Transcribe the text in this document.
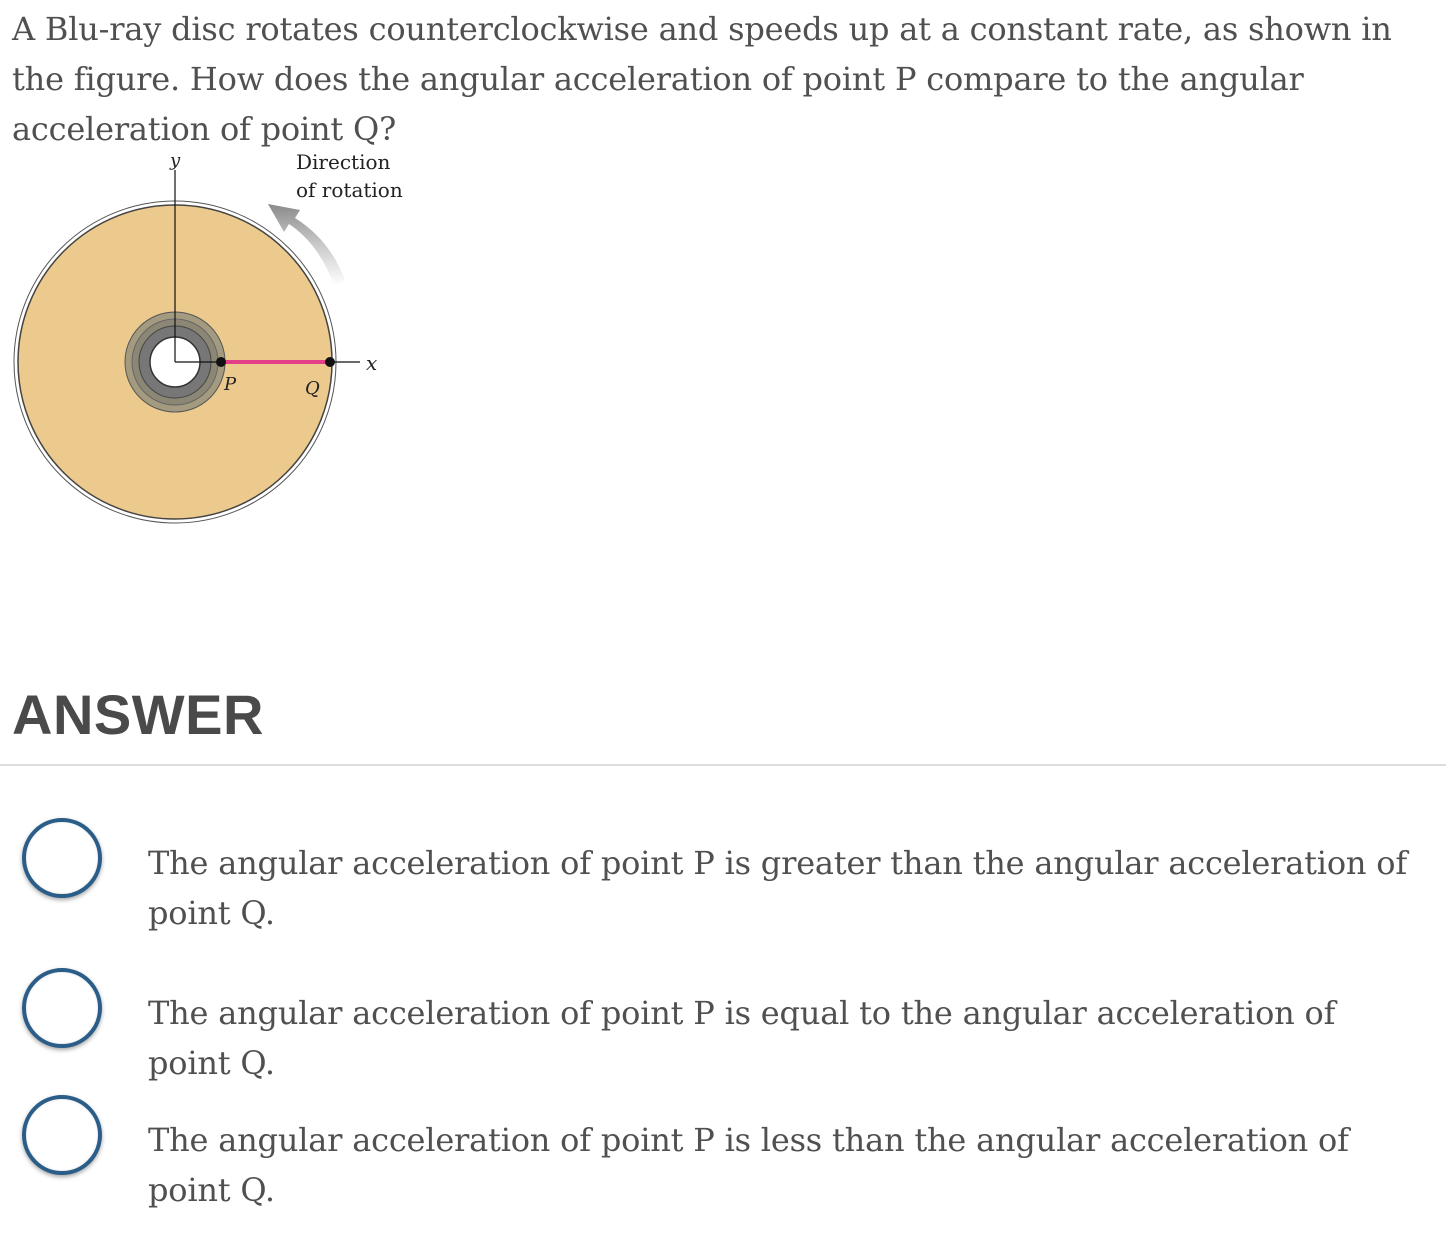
A Blu-ray disc rotates counterclockwise and speeds up at a constant rate, as shown in the figure. How does the angular acceleration of point P compare to the angular acceleration of point Q?
y	Direction
of rotation
x
P	Q
ANSWER
The angular acceleration of point P is greater than the angular acceleration of point Q.
The angular acceleration of point P is equal to the angular acceleration of point Q.
The angular acceleration of point P is less than the angular acceleration of point Q.
